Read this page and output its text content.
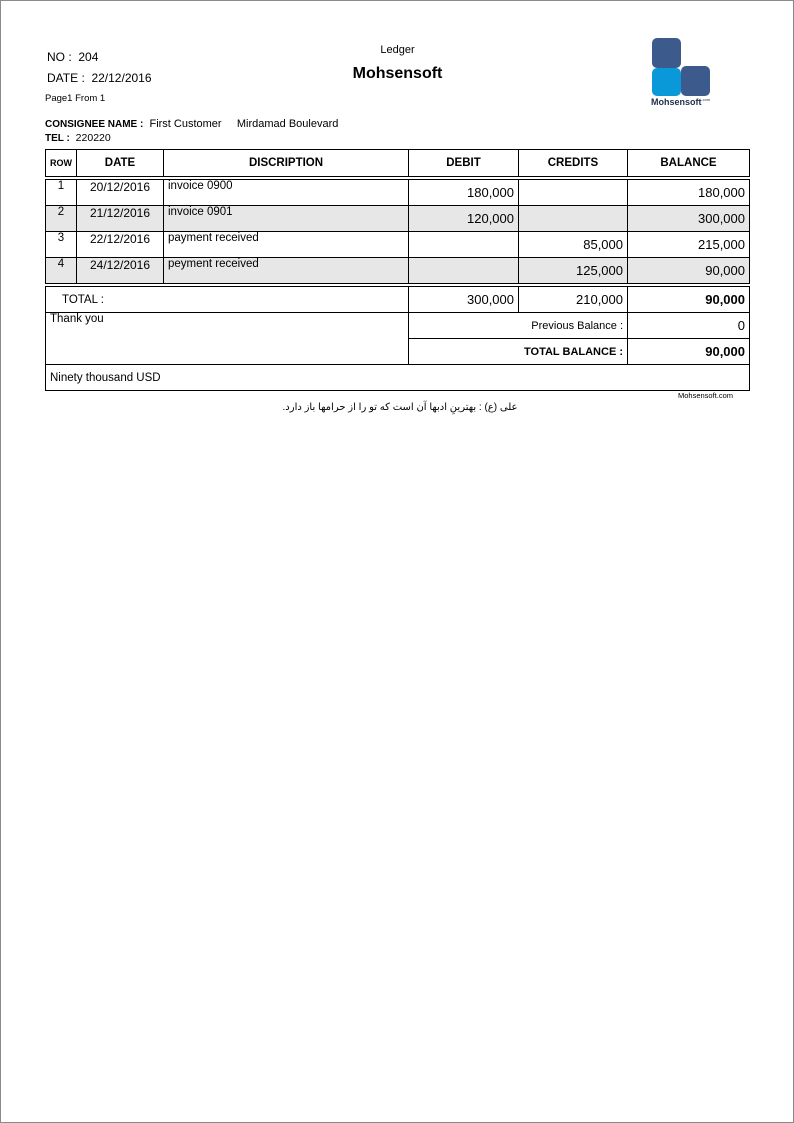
NO : 204
DATE : 22/12/2016
Page1 From 1
Ledger
Mohsensoft
Mohsensoft$^{.com}$
CONSIGNEE NAME : First Customer Mirdamad Boulevard
TEL : 220220
ROW	DATE	DISCRIPTION	DEBIT	CREDITS	BALANCE

1	20/12/2016	invoice 0900	180,000		180,000
2	21/12/2016	invoice 0901	120,000		300,000
3	22/12/2016	payment received		85,000	215,000
4	24/12/2016	peyment received		125,000	90,000

TOTAL :			300,000	210,000	90,000
Thank you			Previous Balance :		0
			TOTAL BALANCE :		90,000
Ninety thousand USD					
Mohsensoft.com
علی (ع) : بهترینِ ادبها آن است که تو را از حرامها باز دارد.
